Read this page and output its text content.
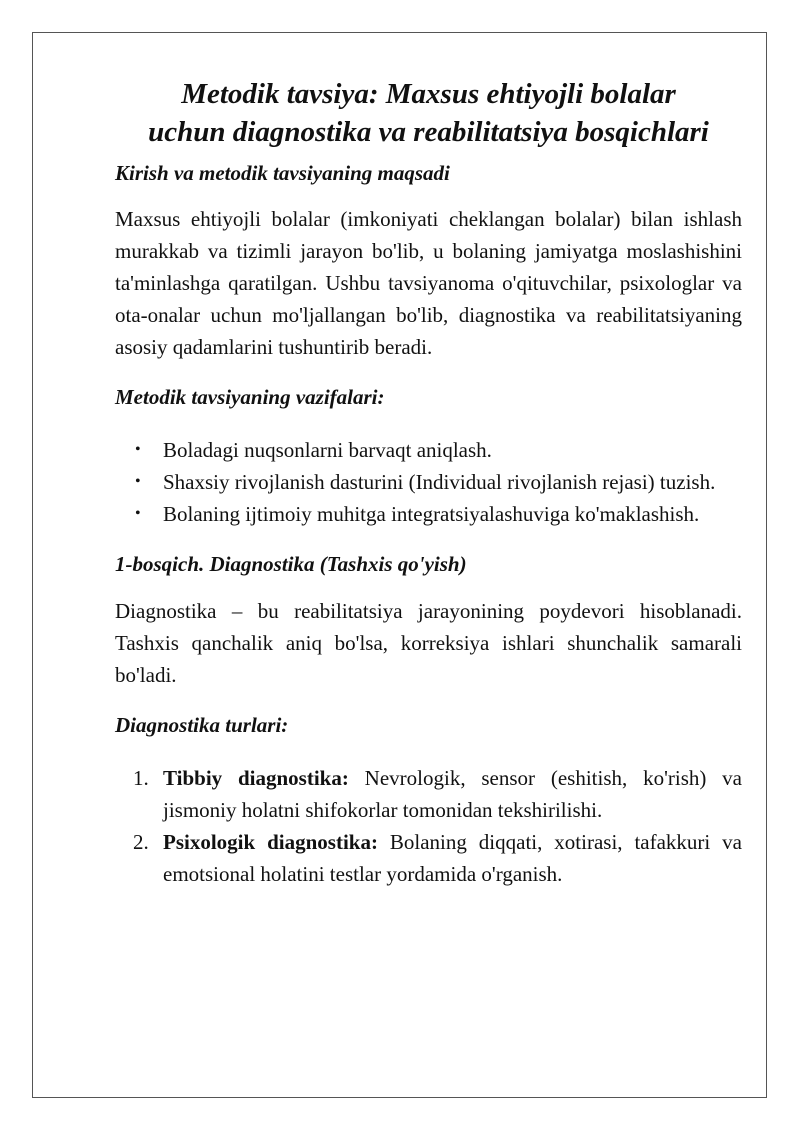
Metodik tavsiya: Maxsus ehtiyojli bolalar
uchun diagnostika va reabilitatsiya bosqichlari
Kirish va metodik tavsiyaning maqsadi

Maxsus ehtiyojli bolalar (imkoniyati cheklangan bolalar) bilan ishlash murakkab va tizimli jarayon bo'lib, u bolaning jamiyatga moslashishini ta'minlashga qaratilgan. Ushbu tavsiyanoma o'qituvchilar, psixologlar va ota-onalar uchun mo'ljallangan bo'lib, diagnostika va reabilitatsiyaning asosiy qadamlarini tushuntirib beradi.

Metodik tavsiyaning vazifalari:
• Boladagi nuqsonlarni barvaqt aniqlash.
• Shaxsiy rivojlanish dasturini (Individual rivojlanish rejasi) tuzish.
• Bolaning ijtimoiy muhitga integratsiyalashuviga ko'maklashish.
1-bosqich. Diagnostika (Tashxis qo'yish)

Diagnostika – bu reabilitatsiya jarayonining poydevori hisoblanadi. Tashxis qanchalik aniq bo'lsa, korreksiya ishlari shunchalik samarali bo'ladi.

Diagnostika turlari:
1. Tibbiy diagnostika: Nevrologik, sensor (eshitish, ko'rish) va jismoniy holatni shifokorlar tomonidan tekshirilishi.
2. Psixologik diagnostika: Bolaning diqqati, xotirasi, tafakkuri va emotsional holatini testlar yordamida o'rganish.
